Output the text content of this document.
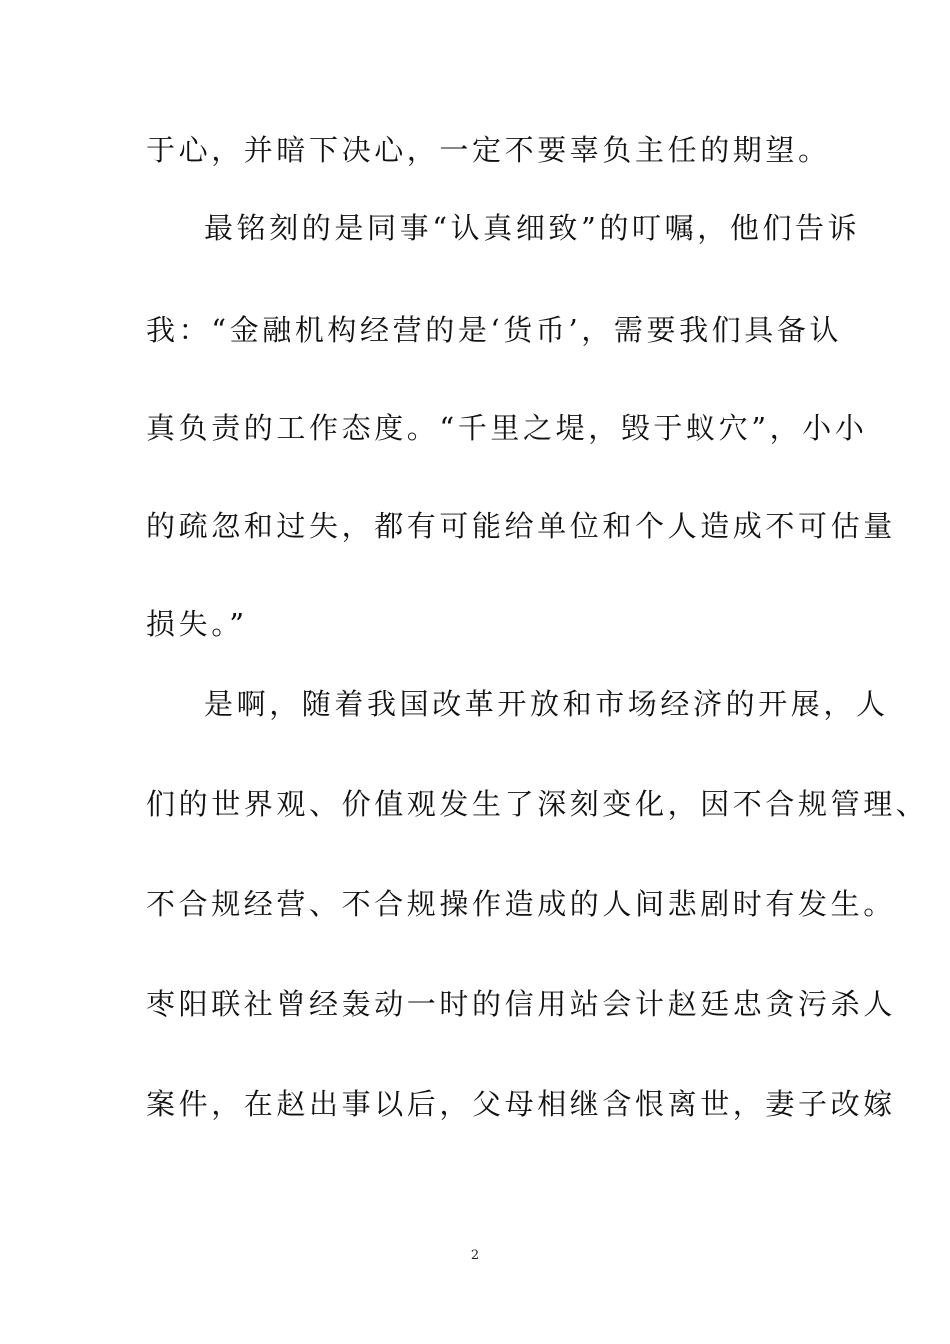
于心，并暗下决心，一定不要辜负主任的期望。

最铭刻的是同事“认真细致”的叮嘱，他们告诉

我：“金融机构经营的是‘货币’，需要我们具备认

真负责的工作态度。“千里之堤，毁于蚁穴”，小小

的疏忽和过失，都有可能给单位和个人造成不可估量

损失。”

是啊，随着我国改革开放和市场经济的开展，人

们的世界观、价值观发生了深刻变化，因不合规管理、

不合规经营、不合规操作造成的人间悲剧时有发生。

枣阳联社曾经轰动一时的信用站会计赵廷忠贪污杀人

案件，在赵出事以后，父母相继含恨离世，妻子改嫁

2
